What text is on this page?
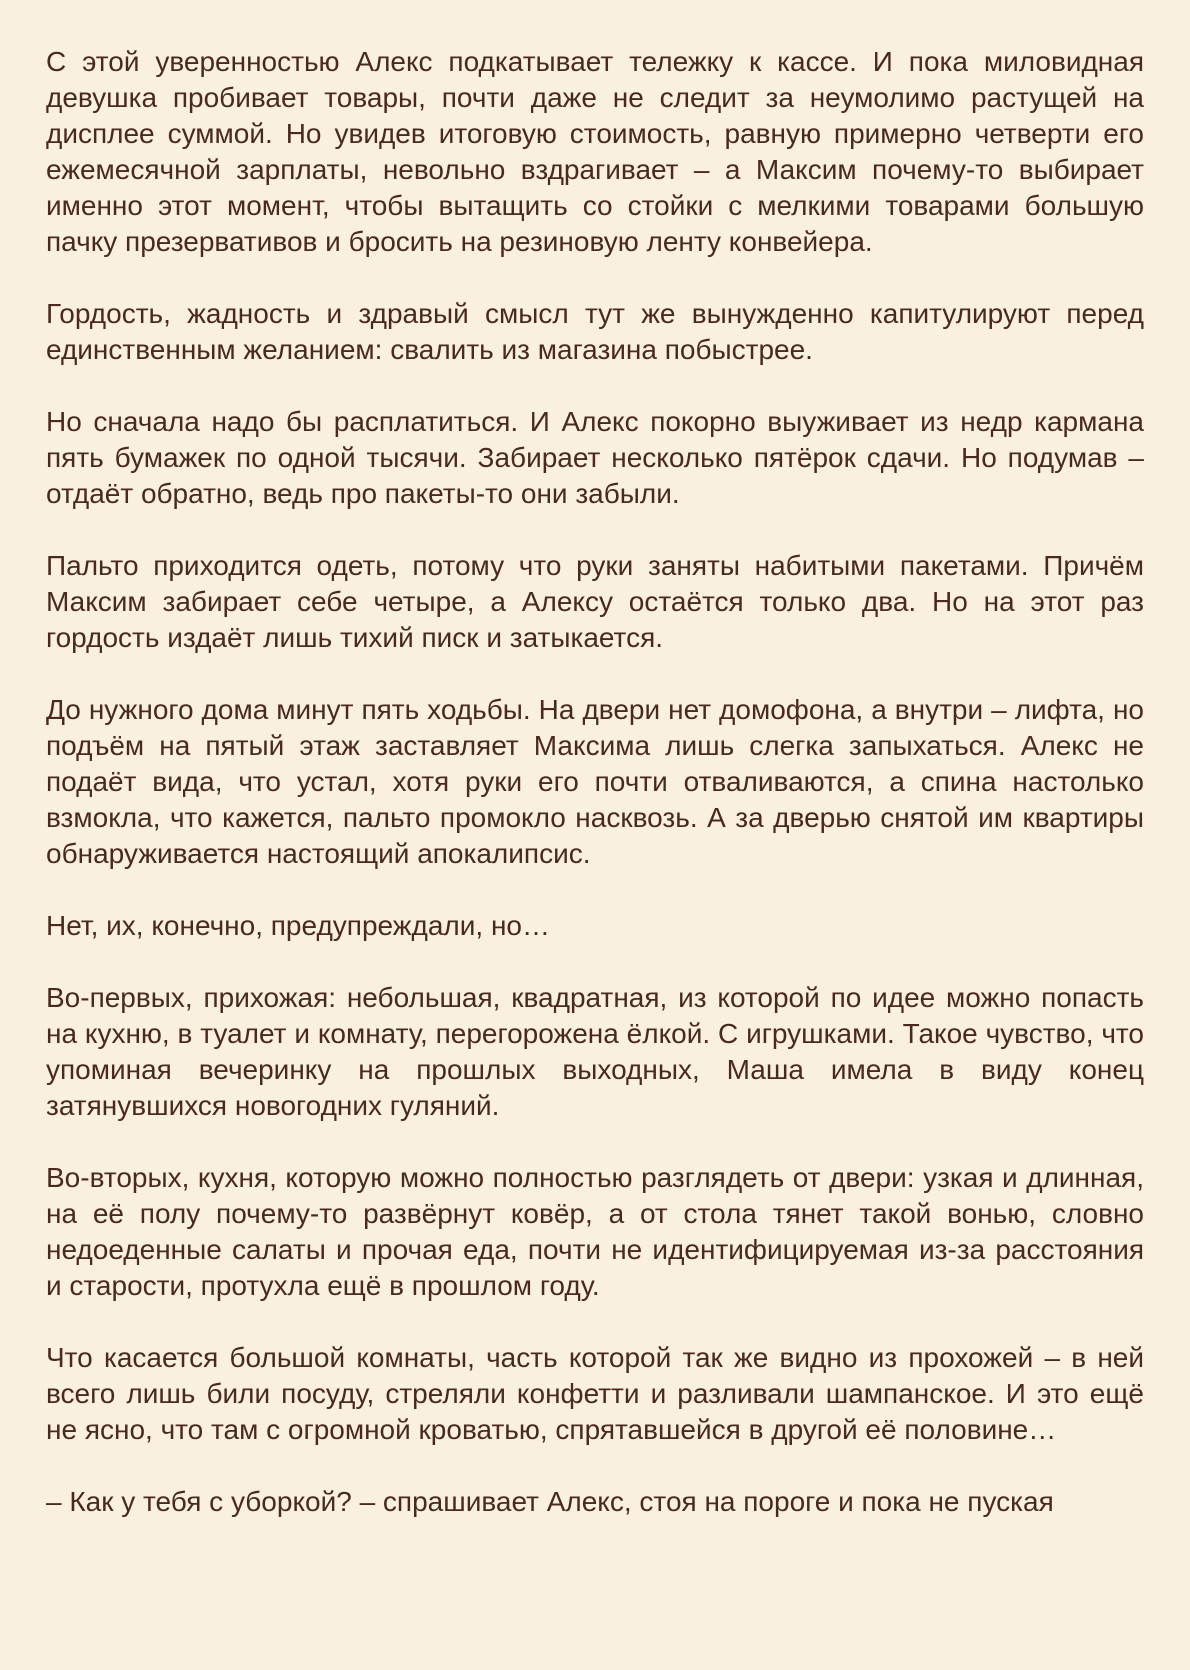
С этой уверенностью Алекс подкатывает тележку к кассе. И пока миловидная девушка пробивает товары, почти даже не следит за неумолимо растущей на дисплее суммой. Но увидев итоговую стоимость, равную примерно четверти его ежемесячной зарплаты, невольно вздрагивает – а Максим почему-то выбирает именно этот момент, чтобы вытащить со стойки с мелкими товарами большую пачку презервативов и бросить на резиновую ленту конвейера.

Гордость, жадность и здравый смысл тут же вынужденно капитулируют перед единственным желанием: свалить из магазина побыстрее.

Но сначала надо бы расплатиться. И Алекс покорно выуживает из недр кармана пять бумажек по одной тысячи. Забирает несколько пятёрок сдачи. Но подумав – отдаёт обратно, ведь про пакеты-то они забыли.

Пальто приходится одеть, потому что руки заняты набитыми пакетами. Причём Максим забирает себе четыре, а Алексу остаётся только два. Но на этот раз гордость издаёт лишь тихий писк и затыкается.

До нужного дома минут пять ходьбы. На двери нет домофона, а внутри – лифта, но подъём на пятый этаж заставляет Максима лишь слегка запыхаться. Алекс не подаёт вида, что устал, хотя руки его почти отваливаются, а спина настолько взмокла, что кажется, пальто промокло насквозь. А за дверью снятой им квартиры обнаруживается настоящий апокалипсис.

Нет, их, конечно, предупреждали, но…

Во-первых, прихожая: небольшая, квадратная, из которой по идее можно попасть на кухню, в туалет и комнату, перегорожена ёлкой. С игрушками. Такое чувство, что упоминая вечеринку на прошлых выходных, Маша имела в виду конец затянувшихся новогодних гуляний.

Во-вторых, кухня, которую можно полностью разглядеть от двери: узкая и длинная, на её полу почему-то развёрнут ковёр, а от стола тянет такой вонью, словно недоеденные салаты и прочая еда, почти не идентифицируемая из-за расстояния и старости, протухла ещё в прошлом году.

Что касается большой комнаты, часть которой так же видно из прохожей – в ней всего лишь били посуду, стреляли конфетти и разливали шампанское. И это ещё не ясно, что там с огромной кроватью, спрятавшейся в другой её половине…

– Как у тебя с уборкой? – спрашивает Алекс, стоя на пороге и пока не пуская
